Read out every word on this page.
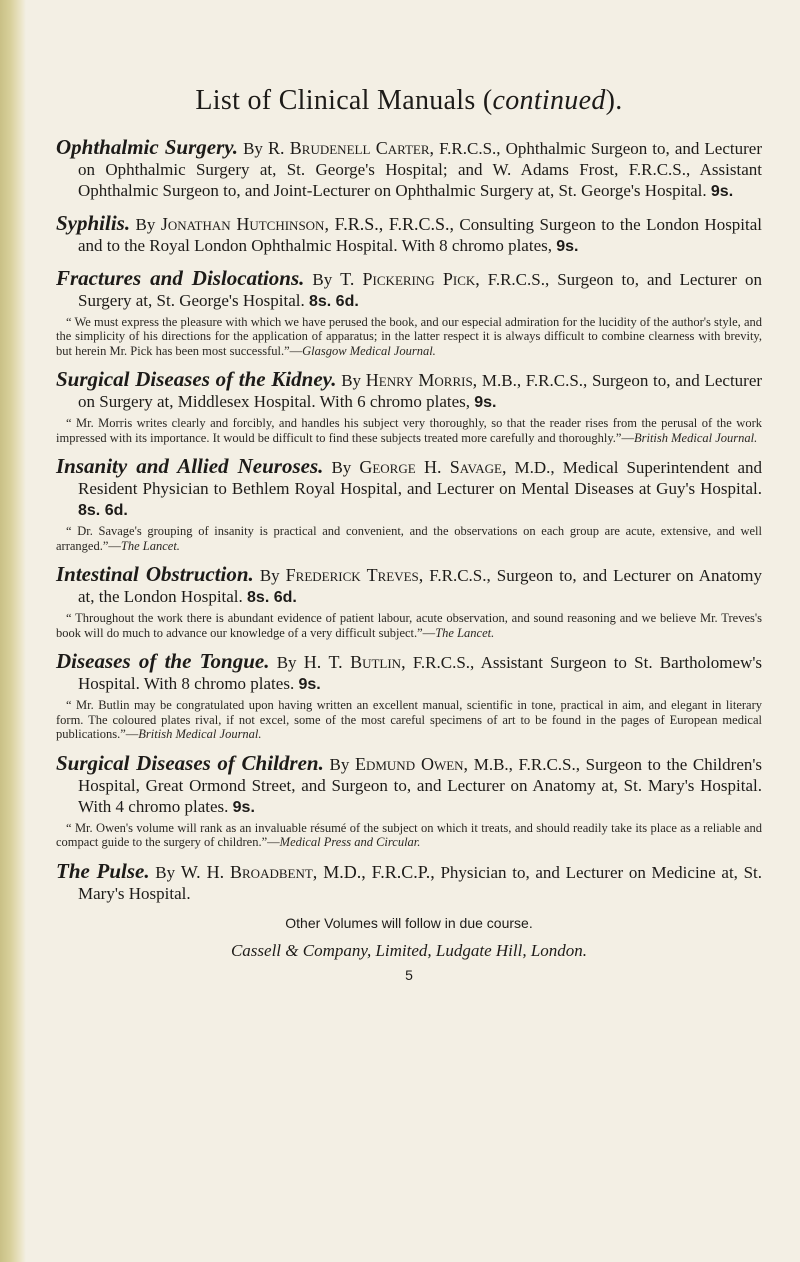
List of Clinical Manuals (continued).

Ophthalmic Surgery. By R. Brudenell Carter, F.R.C.S., Ophthalmic Surgeon to, and Lecturer on Ophthalmic Surgery at, St. George's Hospital; and W. Adams Frost, F.R.C.S., Assistant Ophthalmic Surgeon to, and Joint-Lecturer on Ophthalmic Surgery at, St. George's Hospital. 9s.

Syphilis. By Jonathan Hutchinson, F.R.S., F.R.C.S., Consulting Surgeon to the London Hospital and to the Royal London Ophthalmic Hospital. With 8 chromo plates, 9s.

Fractures and Dislocations. By T. Pickering Pick, F.R.C.S., Surgeon to, and Lecturer on Surgery at, St. George's Hospital. 8s. 6d.

“ We must express the pleasure with which we have perused the book, and our especial admiration for the lucidity of the author's style, and the simplicity of his directions for the application of apparatus; in the latter respect it is always difficult to combine clearness with brevity, but herein Mr. Pick has been most successful.”—Glasgow Medical Journal.

Surgical Diseases of the Kidney. By Henry Morris, M.B., F.R.C.S., Surgeon to, and Lecturer on Surgery at, Middlesex Hospital. With 6 chromo plates, 9s.

“ Mr. Morris writes clearly and forcibly, and handles his subject very thoroughly, so that the reader rises from the perusal of the work impressed with its importance. It would be difficult to find these subjects treated more carefully and thoroughly.”—British Medical Journal.

Insanity and Allied Neuroses. By George H. Savage, M.D., Medical Superintendent and Resident Physician to Bethlem Royal Hospital, and Lecturer on Mental Diseases at Guy's Hospital. 8s. 6d.

“ Dr. Savage's grouping of insanity is practical and convenient, and the observations on each group are acute, extensive, and well arranged.”—The Lancet.

Intestinal Obstruction. By Frederick Treves, F.R.C.S., Surgeon to, and Lecturer on Anatomy at, the London Hospital. 8s. 6d.

“ Throughout the work there is abundant evidence of patient labour, acute observation, and sound reasoning and we believe Mr. Treves's book will do much to advance our knowledge of a very difficult subject.”—The Lancet.

Diseases of the Tongue. By H. T. Butlin, F.R.C.S., Assistant Surgeon to St. Bartholomew's Hospital. With 8 chromo plates. 9s.

“ Mr. Butlin may be congratulated upon having written an excellent manual, scientific in tone, practical in aim, and elegant in literary form. The coloured plates rival, if not excel, some of the most careful specimens of art to be found in the pages of European medical publications.”—British Medical Journal.

Surgical Diseases of Children. By Edmund Owen, M.B., F.R.C.S., Surgeon to the Children's Hospital, Great Ormond Street, and Surgeon to, and Lecturer on Anatomy at, St. Mary's Hospital. With 4 chromo plates. 9s.

“ Mr. Owen's volume will rank as an invaluable résumé of the subject on which it treats, and should readily take its place as a reliable and compact guide to the surgery of children.”—Medical Press and Circular.

The Pulse. By W. H. Broadbent, M.D., F.R.C.P., Physician to, and Lecturer on Medicine at, St. Mary's Hospital.

Other Volumes will follow in due course.
Cassell & Company, Limited, Ludgate Hill, London.
5
